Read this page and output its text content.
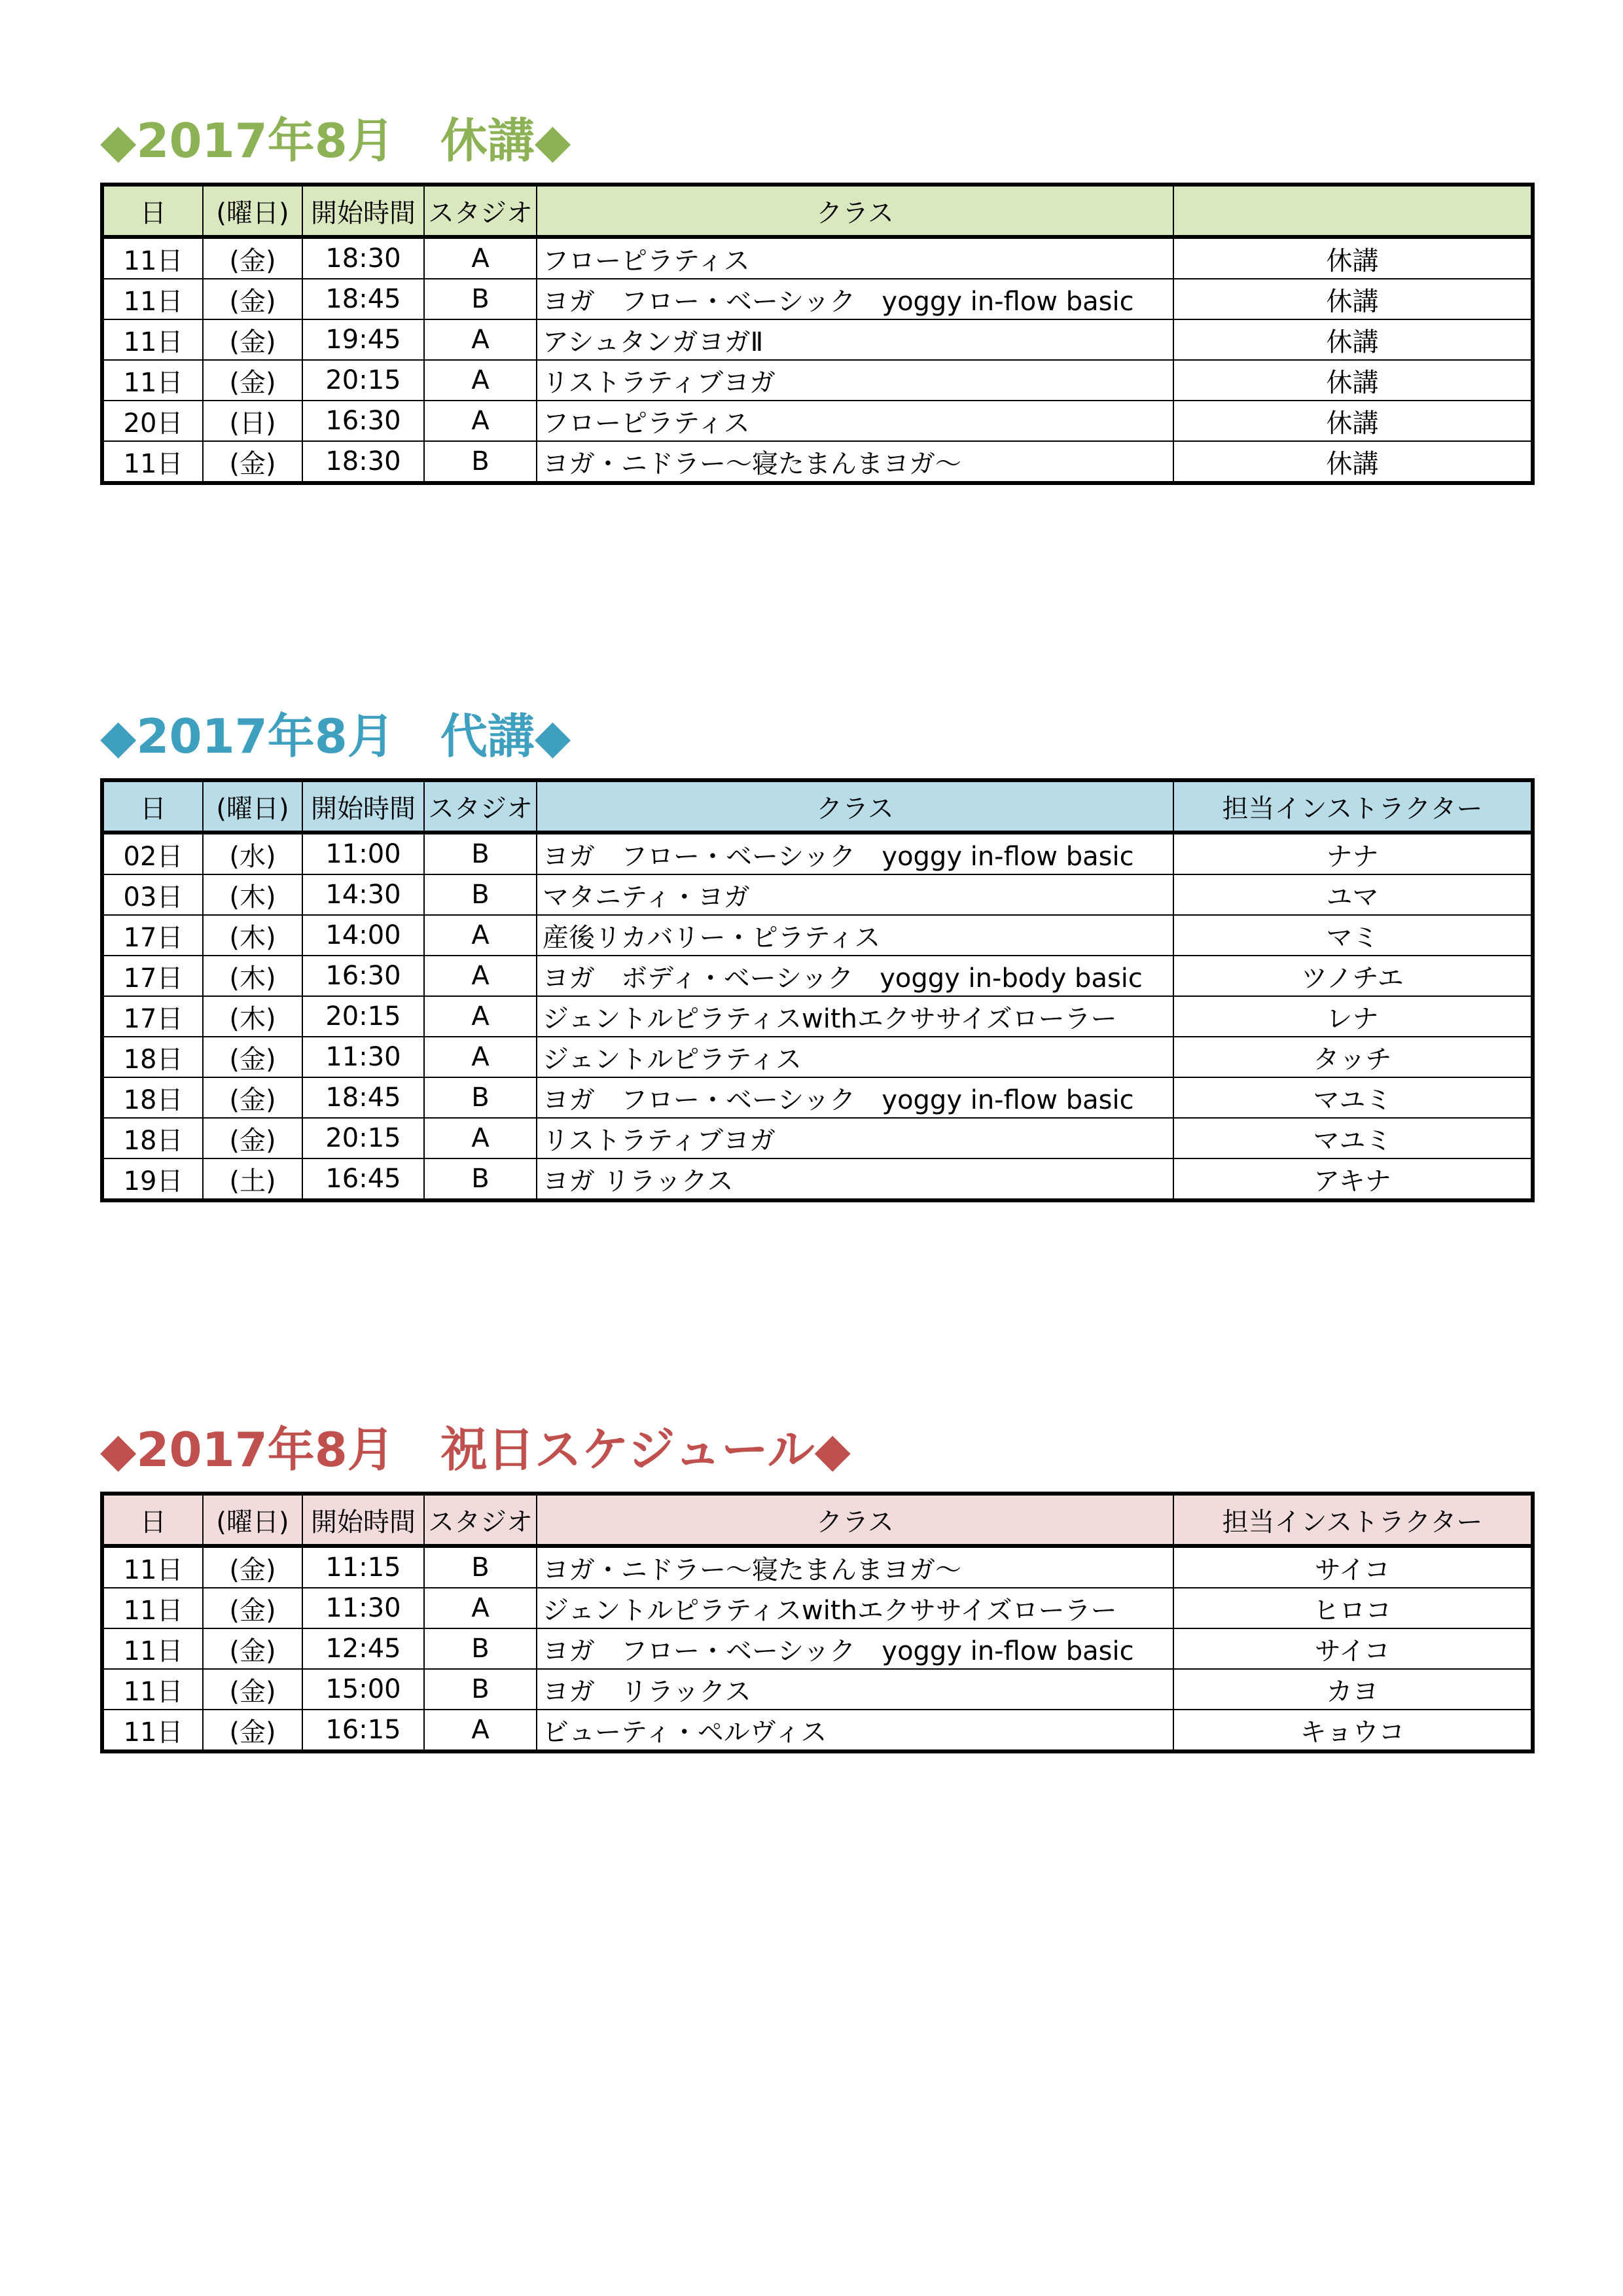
◆2017年8月 休講◆
日	(曜日)	開始時間	スタジオ	クラス	
11日	(金)	18:30	A	フローピラティス	休講
11日	(金)	18:45	B	ヨガ　フロー・ベーシック　yoggy in-flow basic	休講
11日	(金)	19:45	A	アシュタンガヨガⅡ	休講
11日	(金)	20:15	A	リストラティブヨガ	休講
20日	(日)	16:30	A	フローピラティス	休講
11日	(金)	18:30	B	ヨガ・ニドラー～寝たまんまヨガ～	休講
◆2017年8月 代講◆
日	(曜日)	開始時間	スタジオ	クラス	担当インストラクター
02日	(水)	11:00	B	ヨガ　フロー・ベーシック　yoggy in-flow basic	ナナ
03日	(木)	14:30	B	マタニティ・ヨガ	ユマ
17日	(木)	14:00	A	産後リカバリー・ピラティス	マミ
17日	(木)	16:30	A	ヨガ　ボディ・ベーシック　yoggy in-body basic	ツノチエ
17日	(木)	20:15	A	ジェントルピラティスwithエクササイズローラー	レナ
18日	(金)	11:30	A	ジェントルピラティス	タッチ
18日	(金)	18:45	B	ヨガ　フロー・ベーシック　yoggy in-flow basic	マユミ
18日	(金)	20:15	A	リストラティブヨガ	マユミ
19日	(土)	16:45	B	ヨガ リラックス	アキナ
◆2017年8月 祝日スケジュール◆
日	(曜日)	開始時間	スタジオ	クラス	担当インストラクター
11日	(金)	11:15	B	ヨガ・ニドラー～寝たまんまヨガ～	サイコ
11日	(金)	11:30	A	ジェントルピラティスwithエクササイズローラー	ヒロコ
11日	(金)	12:45	B	ヨガ　フロー・ベーシック　yoggy in-flow basic	サイコ
11日	(金)	15:00	B	ヨガ　リラックス	カヨ
11日	(金)	16:15	A	ビューティ・ペルヴィス	キョウコ
